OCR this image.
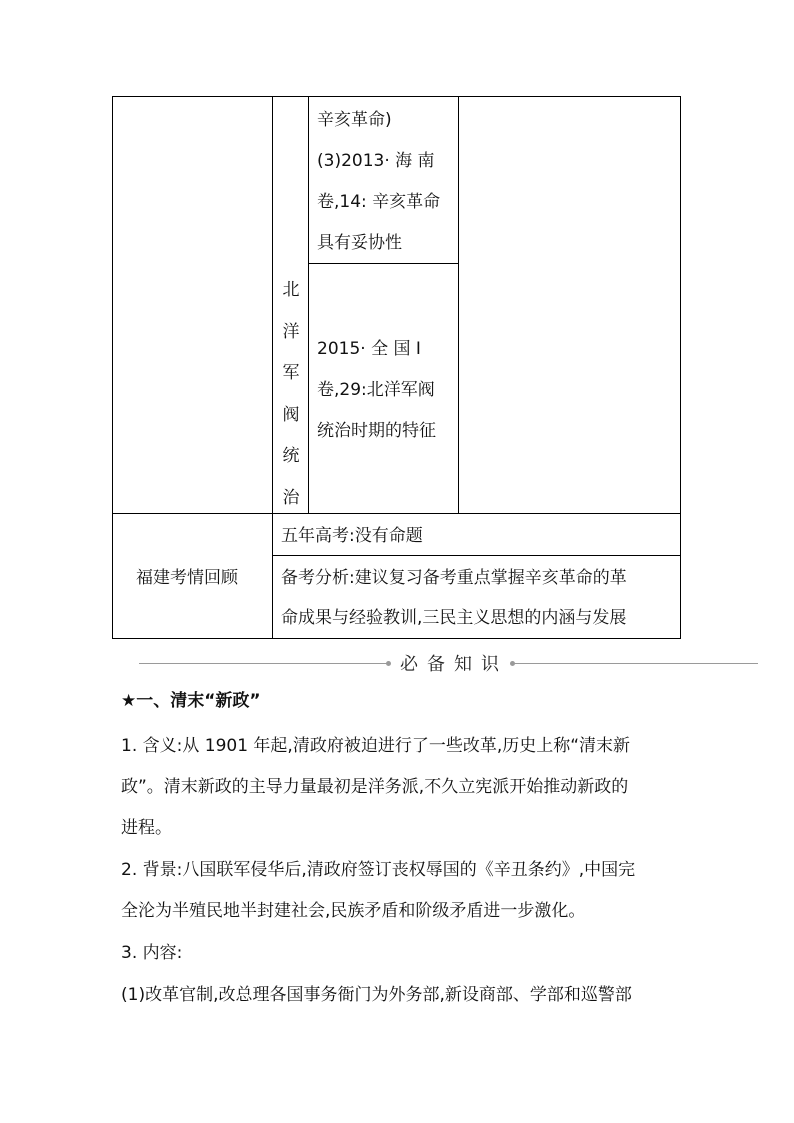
辛亥革命)
(3)2013· 海 南
卷,14: 辛亥革命
具有妥协性
北
洋
军
阀
统
治
2015· 全 国 Ⅰ
卷,29:北洋军阀
统治时期的特征
福建考情回顾
五年高考:没有命题
备考分析:建议复习备考重点掌握辛亥革命的革
命成果与经验教训,三民主义思想的内涵与发展
必备知识
★一、清末“新政”
1. 含义:从 1901 年起,清政府被迫进行了一些改革,历史上称“清末新
政”。清末新政的主导力量最初是洋务派,不久立宪派开始推动新政的
进程。
2. 背景:八国联军侵华后,清政府签订丧权辱国的《辛丑条约》,中国完
全沦为半殖民地半封建社会,民族矛盾和阶级矛盾进一步激化。
3. 内容:
(1)改革官制,改总理各国事务衙门为外务部,新设商部、学部和巡警部
